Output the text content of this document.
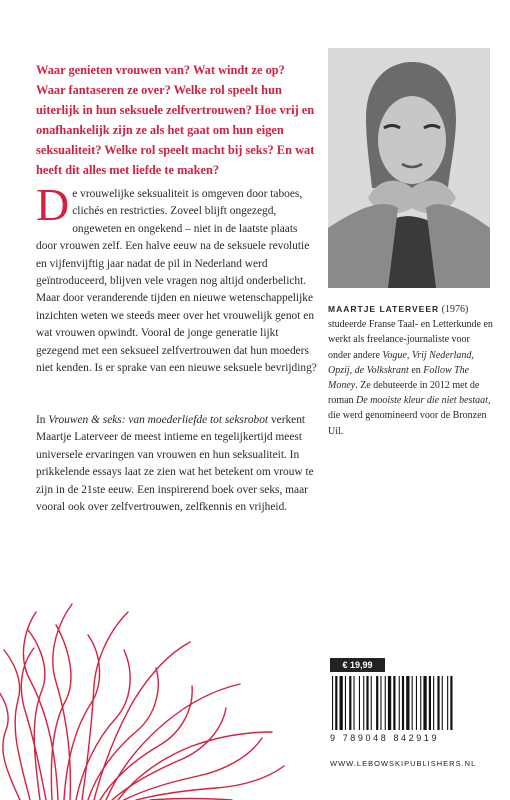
Waar genieten vrouwen van? Wat windt ze op? Waar fantaseren ze over? Welke rol speelt hun uiterlijk in hun seksuele zelfvertrouwen? Hoe vrij en onafhankelijk zijn ze als het gaat om hun eigen seksualiteit? Welke rol speelt macht bij seks? En wat heeft dit alles met liefde te maken?
MAARTJE LATERVEER (1976) studeerde Franse Taal- en Letterkunde en werkt als freelance-journaliste voor onder andere Vogue, Vrij Nederland, Opzij, de Volkskrant en Follow The Money. Ze debuteerde in 2012 met de roman De mooiste kleur die niet bestaat, die werd genomineerd voor de Bronzen Uil.
De vrouwelijke seksualiteit is omgeven door taboes, clichés en restricties. Zoveel blijft ongezegd, ongeweten en ongekend – niet in de laatste plaats door vrouwen zelf. Een halve eeuw na de seksuele revolutie en vijfenvijftig jaar nadat de pil in Nederland werd geïntroduceerd, blijven vele vragen nog altijd onderbelicht. Maar door veranderende tijden en nieuwe wetenschappelijke inzichten weten we steeds meer over het vrouwelijk genot en wat vrouwen opwindt. Vooral de jonge generatie lijkt gezegend met een seksueel zelfvertrouwen dat hun moeders niet kenden. Is er sprake van een nieuwe seksuele bevrijding?
In Vrouwen & seks: van moederliefde tot seksrobot verkent Maartje Laterveer de meest intieme en tegelijkertijd meest universele ervaringen van vrouwen en hun seksualiteit. In prikkelende essays laat ze zien wat het betekent om vrouw te zijn in de 21ste eeuw. Een inspirerend boek over seks, maar vooral ook over zelfvertrouwen, zelfkennis en vrijheid.
€ 19,99
9 789048 842919
WWW.LEBOWSKIPUBLISHERS.NL
